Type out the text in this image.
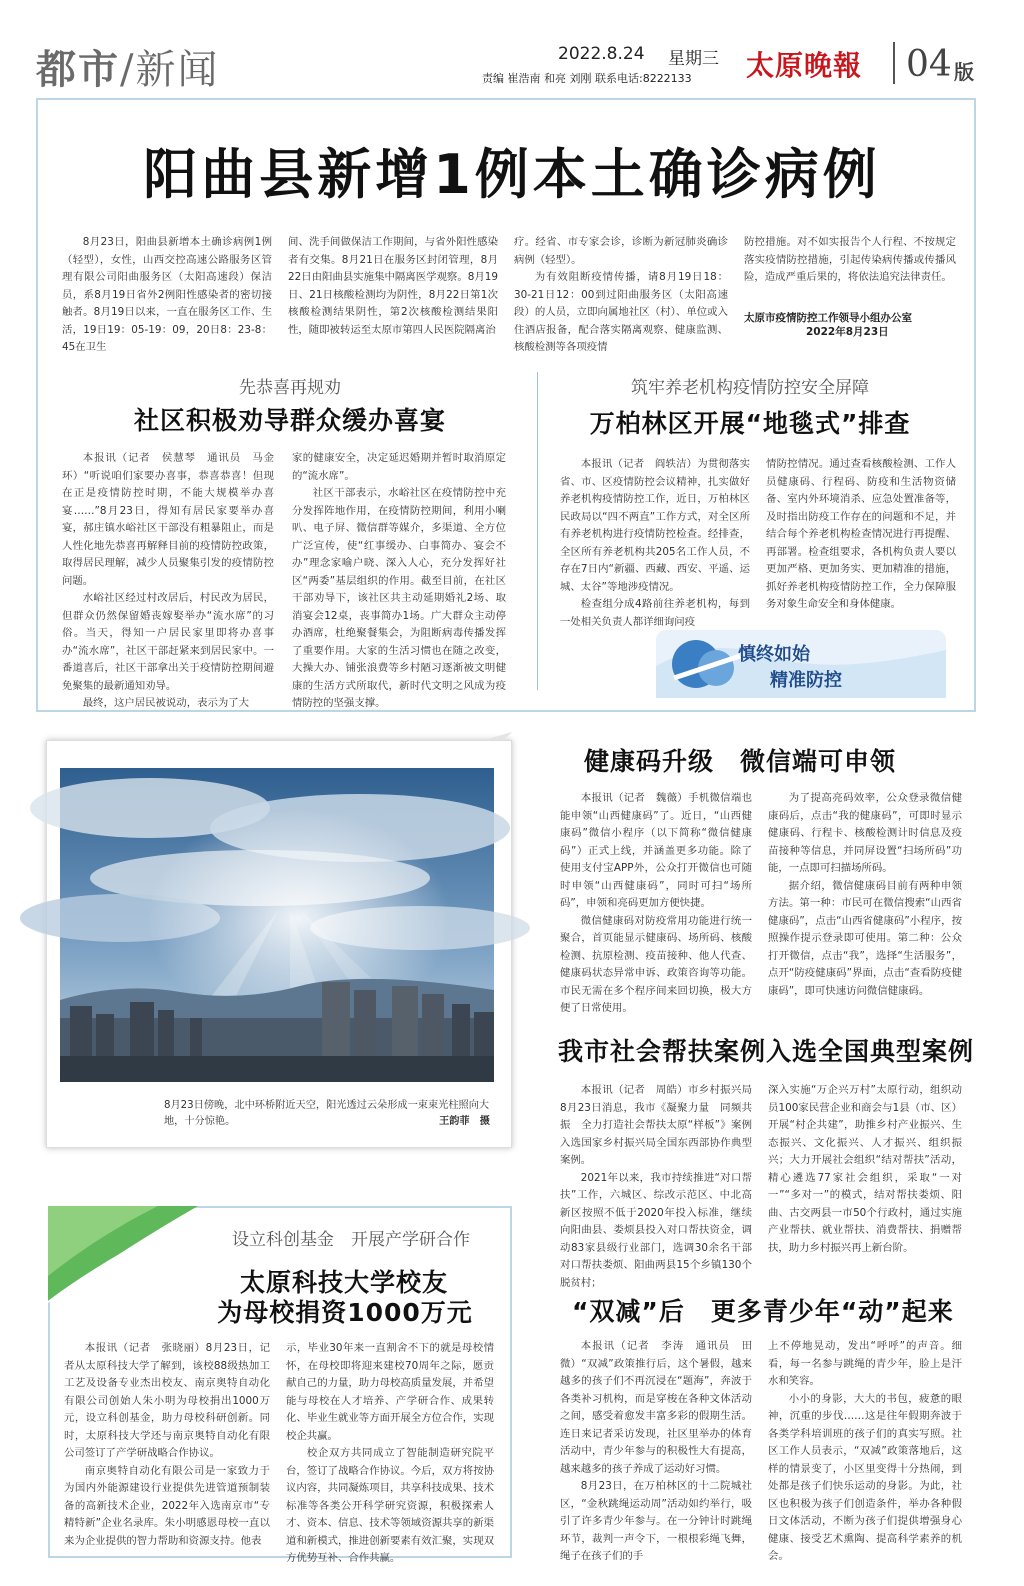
都市/新闻	2022.8.24 星期三
责编 崔浩南 和亮 刘刚 联系电话:8222133 太原晚報 04 版
阳曲县新增1例本土确诊病例

8月23日，阳曲县新增本土确诊病例1例（轻型），女性，山西交控高速公路服务区管理有限公司阳曲服务区（太阳高速段）保洁员，系8月19日省外2例阳性感染者的密切接触者。8月19日以来，一直在服务区工作、生活，19日19：05-19：09，20日8：23-8：45在卫生

间、洗手间做保洁工作期间，与省外阳性感染者有交集。8月21日在服务区封闭管理，8月22日由阳曲县实施集中隔离医学观察。8月19日、21日核酸检测均为阴性，8月22日第1次核酸检测结果阴性，第2次核酸检测结果阳性，随即被转运至太原市第四人民医院隔离治

疗。经省、市专家会诊，诊断为新冠肺炎确诊病例（轻型）。

为有效阻断疫情传播，请8月19日18：30-21日12：00到过阳曲服务区（太阳高速段）的人员，立即向属地社区（村）、单位或入住酒店报备，配合落实隔离观察、健康监测、核酸检测等各项疫情

防控措施。对不如实报告个人行程、不按规定落实疫情防控措施，引起传染病传播或传播风险，造成严重后果的，将依法追究法律责任。

太原市疫情防控工作领导小组办公室
2022年8月23日
先恭喜再规劝
社区积极劝导群众缓办喜宴

本报讯（记者　侯慧琴　通讯员　马金环）“听说咱们家要办喜事，恭喜恭喜！但现在正是疫情防控时期，不能大规模举办喜宴……”8月23日，得知有居民家要举办喜宴，郝庄镇水峪社区干部没有粗暴阻止，而是人性化地先恭喜再解释目前的疫情防控政策，取得居民理解，减少人员聚集引发的疫情防控问题。

水峪社区经过村改居后，村民改为居民，但群众仍然保留婚丧嫁娶举办“流水席”的习俗。当天，得知一户居民家里即将办喜事办“流水席”，社区干部赶紧来到居民家中。一番道喜后，社区干部拿出关于疫情防控期间避免聚集的最新通知劝导。

最终，这户居民被说动，表示为了大

家的健康安全，决定延迟婚期并暂时取消原定的“流水席”。

社区干部表示，水峪社区在疫情防控中充分发挥阵地作用，在疫情防控期间，利用小喇叭、电子屏、微信群等媒介，多渠道、全方位广泛宣传，使“红事缓办、白事简办、宴会不办”理念家喻户晓、深入人心，充分发挥好社区“两委”基层组织的作用。截至目前，在社区干部劝导下，该社区共主动延期婚礼2场、取消宴会12桌，丧事简办1场。广大群众主动停办酒席，杜绝聚餐集会，为阻断病毒传播发挥了重要作用。大家的生活习惯也在随之改变，大操大办、铺张浪费等乡村陋习逐渐被文明健康的生活方式所取代，新时代文明之风成为疫情防控的坚强支撑。

筑牢养老机构疫情防控安全屏障
万柏林区开展“地毯式”排查

本报讯（记者　阎轶洁）为贯彻落实省、市、区疫情防控会议精神，扎实做好养老机构疫情防控工作，近日，万柏林区民政局以“四不两直”工作方式，对全区所有养老机构进行疫情防控检查。经排查，全区所有养老机构共205名工作人员，不存在7日内“新疆、西藏、西安、平遥、运城、太谷”等地涉疫情况。

检查组分成4路前往养老机构，每到一处相关负责人都详细询问疫

情防控情况。通过查看核酸检测、工作人员健康码、行程码、防疫和生活物资储备、室内外环境消杀、应急处置准备等，及时指出防疫工作存在的问题和不足，并结合每个养老机构检查情况进行再提醒、再部署。检查组要求，各机构负责人要以更加严格、更加务实、更加精准的措施，抓好养老机构疫情防控工作，全力保障服务对象生命安全和身体健康。

慎终如始
精准防控
8月23日傍晚，北中环桥附近天空，阳光透过云朵形成一束束光柱照向大地，十分惊艳。	王韵菲　摄
健康码升级　微信端可申领

本报讯（记者　魏薇）手机微信端也能申领“山西健康码”了。近日，“山西健康码”微信小程序（以下简称“微信健康码”）正式上线，并涵盖更多功能。除了使用支付宝APP外，公众打开微信也可随时申领“山西健康码”，同时可扫“场所码”，申领和亮码更加方便快捷。

微信健康码对防疫常用功能进行统一聚合，首页能显示健康码、场所码、核酸检测、抗原检测、疫苗接种、他人代查、健康码状态异常申诉、政策咨询等功能。市民无需在多个程序间来回切换，极大方便了日常使用。

为了提高亮码效率，公众登录微信健康码后，点击“我的健康码”，可即时显示健康码、行程卡、核酸检测计时信息及疫苗接种等信息，并同屏设置“扫场所码”功能，一点即可扫描场所码。

据介绍，微信健康码目前有两种申领方法。第一种：市民可在微信搜索“山西省健康码”，点击“山西省健康码”小程序，按照操作提示登录即可使用。第二种：公众打开微信，点击“我”，选择“生活服务”，点开“防疫健康码”界面，点击“查看防疫健康码”，即可快速访问微信健康码。

我市社会帮扶案例入选全国典型案例

本报讯（记者　周皓）市乡村振兴局8月23日消息，我市《凝聚力量　同频共振　全力打造社会帮扶太原“样板”》案例入选国家乡村振兴局全国东西部协作典型案例。

2021年以来，我市持续推进“对口帮扶”工作，六城区、综改示范区、中北高新区按照不低于2020年投入标准，继续向阳曲县、娄烦县投入对口帮扶资金，调动83家县级行业部门，选调30余名干部对口帮扶娄烦、阳曲两县15个乡镇130个脱贫村；

深入实施“万企兴万村”太原行动，组织动员100家民营企业和商会与1县（市、区）开展“村企共建”，助推乡村产业振兴、生态振兴、文化振兴、人才振兴、组织振兴；大力开展社会组织“结对帮扶”活动，精心遴选77家社会组织，采取“一对一”“多对一”的模式，结对帮扶娄烦、阳曲、古交两县一市50个行政村，通过实施产业帮扶、就业帮扶、消费帮扶、捐赠帮扶，助力乡村振兴再上新台阶。

设立科创基金　开展产学研合作
太原科技大学校友
为母校捐资1000万元

本报讯（记者　张晓丽）8月23日，记者从太原科技大学了解到，该校88级热加工工艺及设备专业杰出校友、南京奥特自动化有限公司创始人朱小明为母校捐出1000万元，设立科创基金，助力母校科研创新。同时，太原科技大学还与南京奥特自动化有限公司签订了产学研战略合作协议。

南京奥特自动化有限公司是一家致力于为国内外能源建设行业提供先进管道预制装备的高新技术企业，2022年入选南京市“专精特新”企业名录库。朱小明感恩母校一直以来为企业提供的智力帮助和资源支持。他表

示，毕业30年来一直割舍不下的就是母校情怀，在母校即将迎来建校70周年之际，愿贡献自己的力量，助力母校高质量发展，并希望能与母校在人才培养、产学研合作、成果转化、毕业生就业等方面开展全方位合作，实现校企共赢。

校企双方共同成立了智能制造研究院平台，签订了战略合作协议。今后，双方将按协议内容，共同凝炼项目，共享科技成果、技术标准等各类公开科学研究资源，积极探索人才、资本、信息、技术等领域资源共享的新渠道和新模式，推进创新要素有效汇聚，实现双方优势互补、合作共赢。

“双减”后　更多青少年“动”起来

本报讯（记者　李涛　通讯员　田微）“双减”政策推行后，这个暑假，越来越多的孩子们不再沉浸在“题海”，奔波于各类补习机构，而是穿梭在各种文体活动之间，感受着愈发丰富多彩的假期生活。连日来记者采访发现，社区里举办的体育活动中，青少年参与的积极性大有提高，越来越多的孩子养成了运动好习惯。

8月23日，在万柏林区的十二院城社区，“金秋跳绳运动周”活动如约举行，吸引了许多青少年参与。在一分钟计时跳绳环节，裁判一声令下，一根根彩绳飞舞，绳子在孩子们的手

上不停地晃动，发出“呼呼”的声音。细看，每一名参与跳绳的青少年，脸上是汗水和笑容。

小小的身影，大大的书包，疲惫的眼神，沉重的步伐……这是往年假期奔波于各类学科培训班的孩子们的真实写照。社区工作人员表示，“双减”政策落地后，这样的情景变了，小区里变得十分热闹，到处都是孩子们快乐运动的身影。为此，社区也积极为孩子们创造条件，举办各种假日文体活动，不断为孩子们提供增强身心健康、接受艺术熏陶、提高科学素养的机会。
